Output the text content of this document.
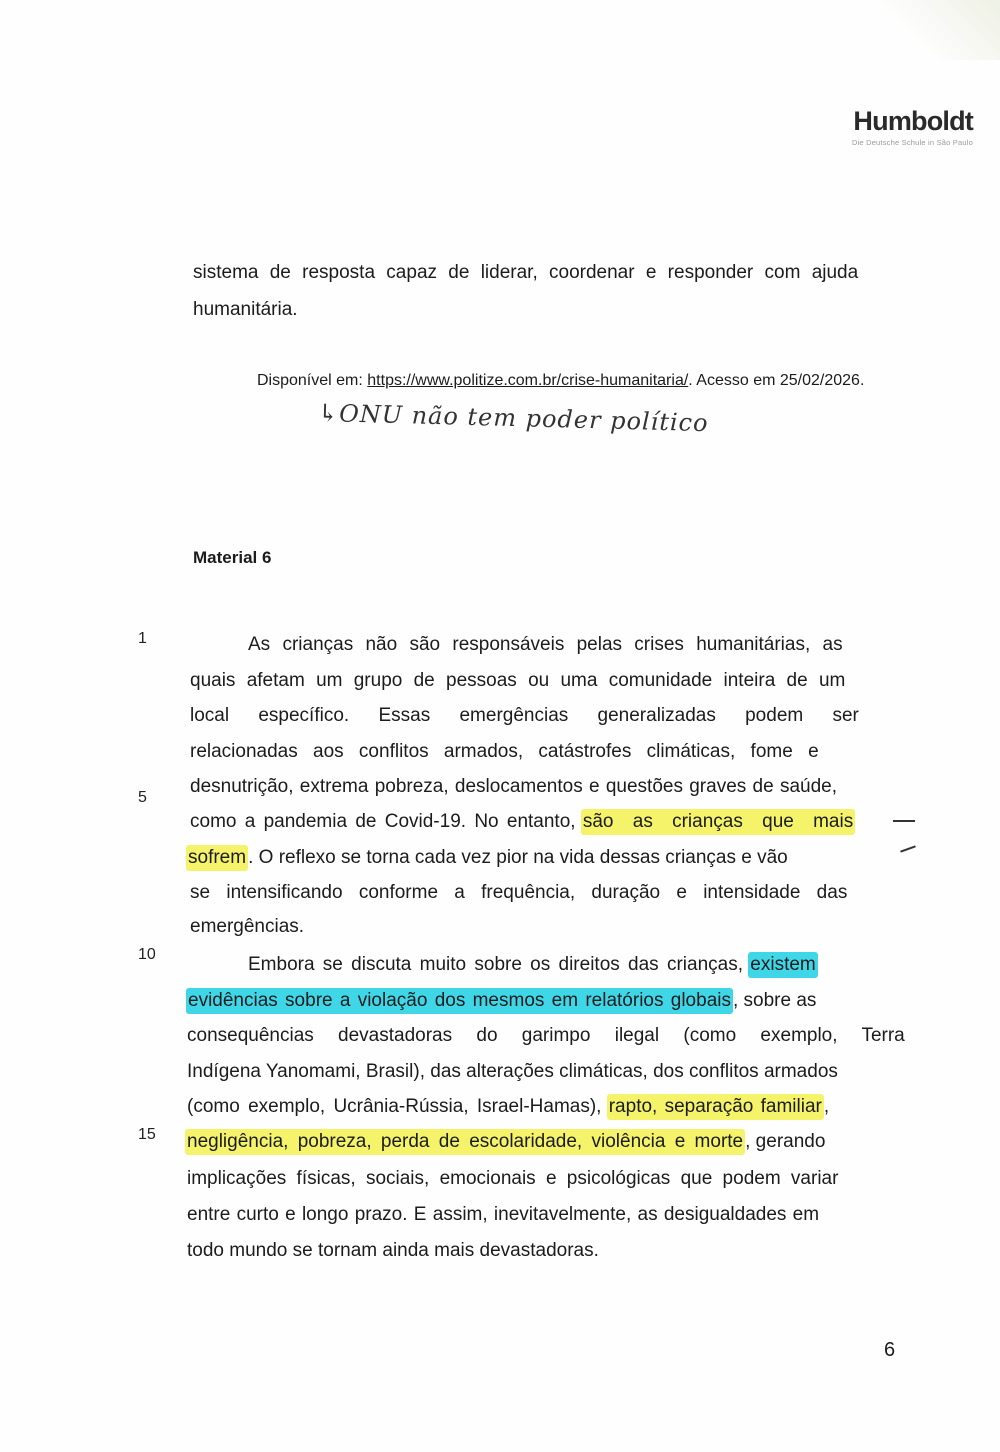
Humboldt
Die Deutsche Schule in São Paulo
sistema de resposta capaz de liderar, coordenar e responder com ajuda
humanitária.
Disponível em: https://www.politize.com.br/crise-humanitaria/. Acesso em 25/02/2026.
↳ONU não tem poder político
Material 6
1
5
10
15
As crianças não são responsáveis pelas crises humanitárias, as
quais afetam um grupo de pessoas ou uma comunidade inteira de um
local específico. Essas emergências generalizadas podem ser
relacionadas aos conflitos armados, catástrofes climáticas, fome e
desnutrição, extrema pobreza, deslocamentos e questões graves de saúde,
como a pandemia de Covid-19. No entanto,
são as crianças que mais
sofrem . O reflexo se torna cada vez pior na vida dessas crianças e vão
se intensificando conforme a frequência, duração e intensidade das
emergências.
Embora se discuta muito sobre os direitos das crianças,
existem
evidências sobre a violação dos mesmos em relatórios globais , sobre as
consequências devastadoras do garimpo ilegal (como exemplo, Terra
Indígena Yanomami, Brasil), das alterações climáticas, dos conflitos armados
(como exemplo, Ucrânia-Rússia, Israel-Hamas),
rapto, separação familiar ,
negligência, pobreza, perda de escolaridade, violência e morte , gerando
implicações físicas, sociais, emocionais e psicológicas que podem variar
entre curto e longo prazo. E assim, inevitavelmente, as desigualdades em
todo mundo se tornam ainda mais devastadoras.
6
